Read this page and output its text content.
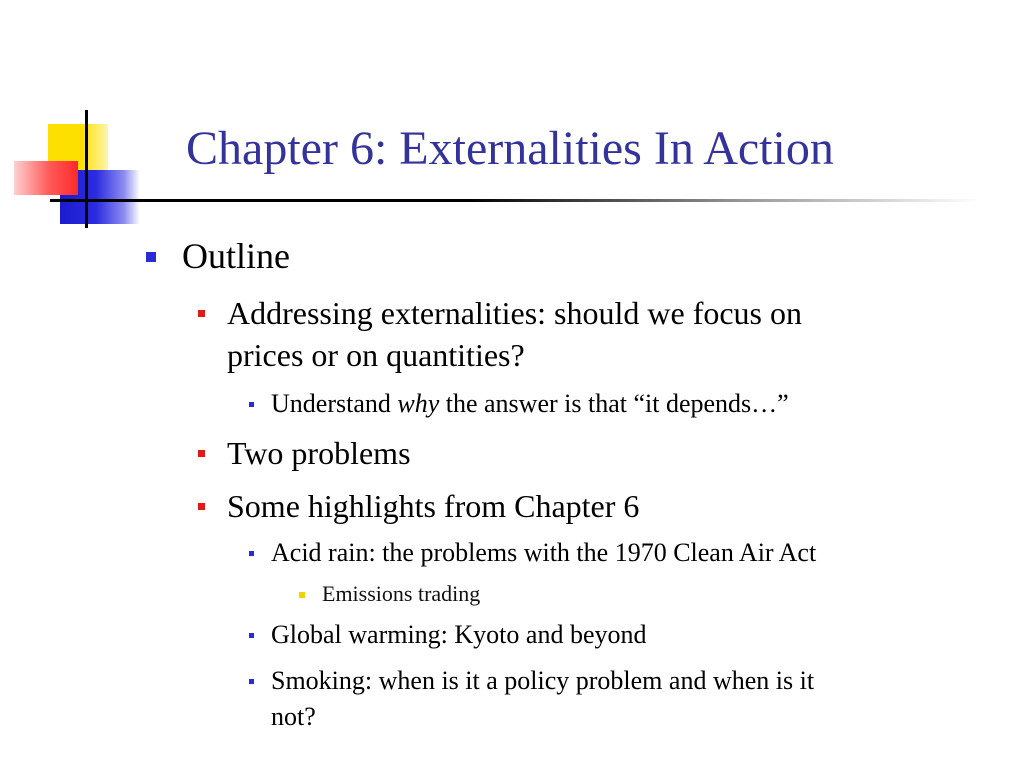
Chapter 6: Externalities In Action
Outline
Addressing externalities: should we focus on
prices or on quantities?
Understand why the answer is that “it depends…”
Two problems
Some highlights from Chapter 6
Acid rain: the problems with the 1970 Clean Air Act
Emissions trading
Global warming: Kyoto and beyond
Smoking: when is it a policy problem and when is it
not?
